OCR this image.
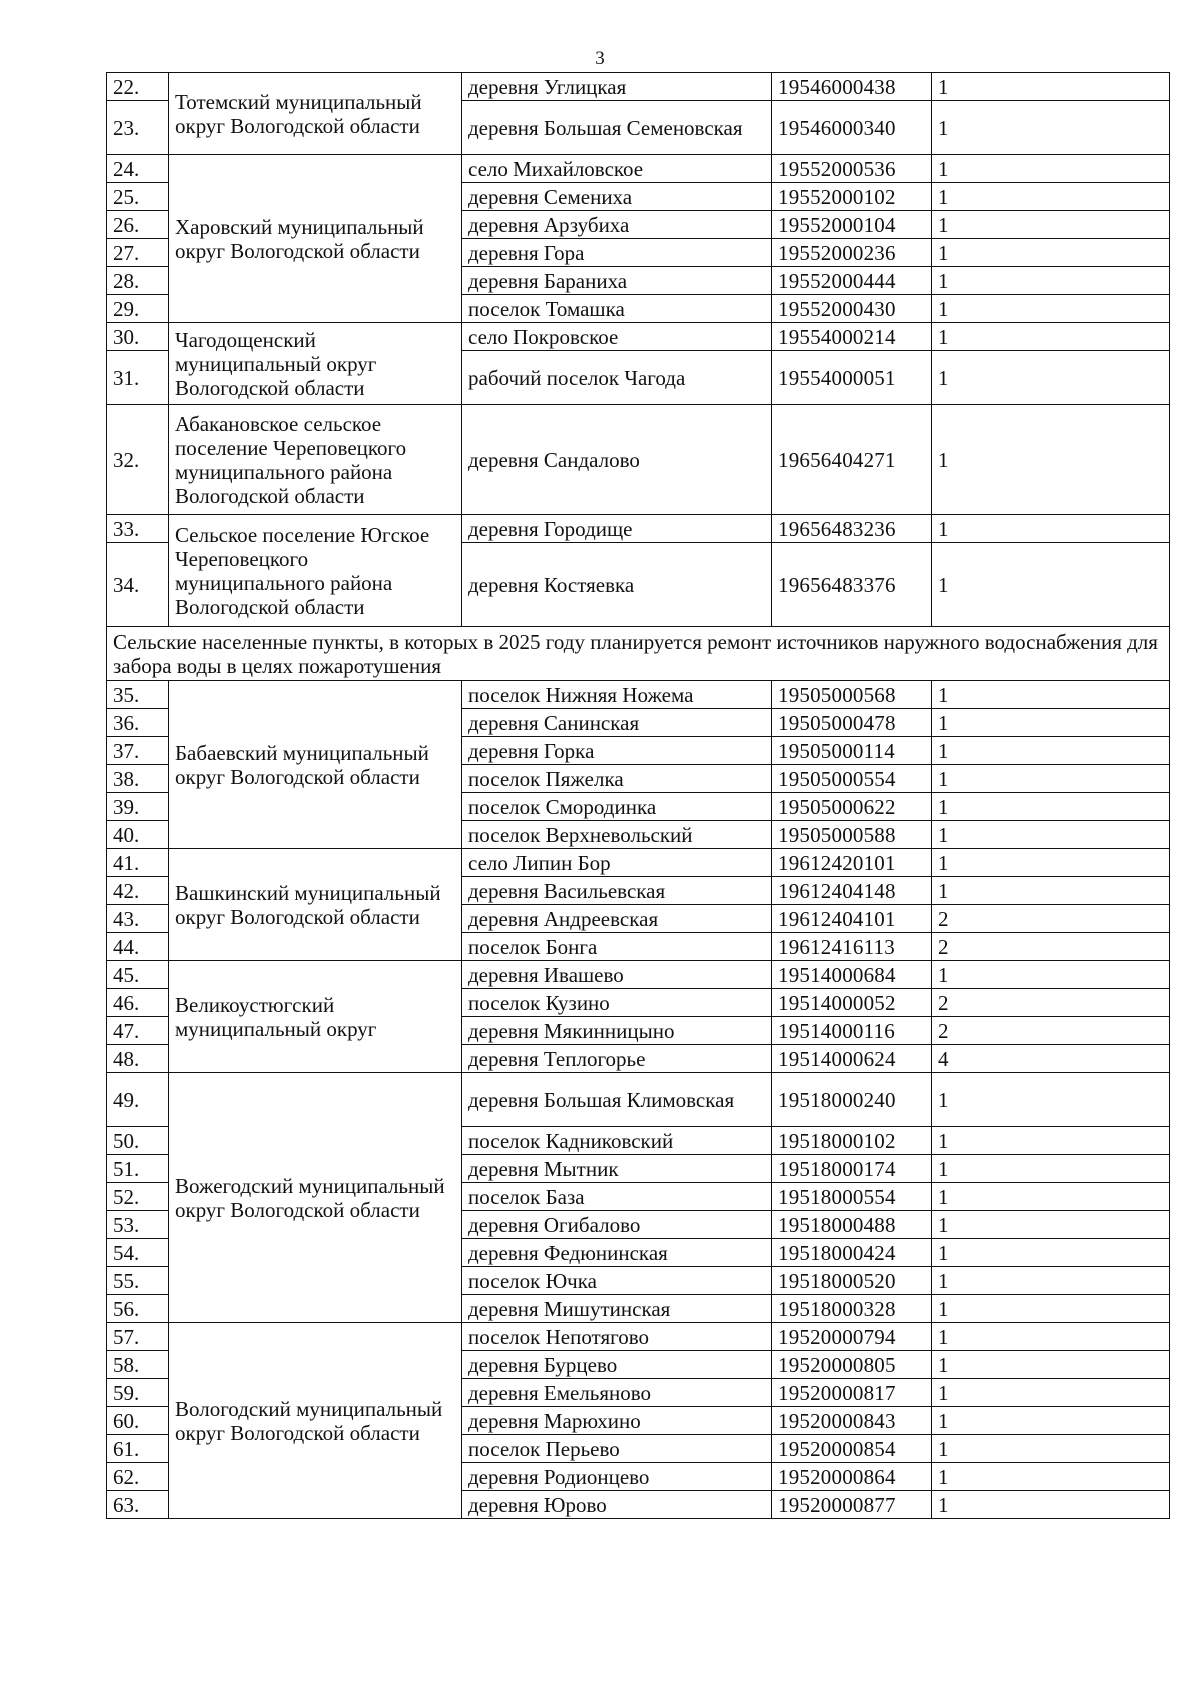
3
22.	Тотемский муниципальный округ Вологодской области	деревня Углицкая	19546000438	1
23.		деревня Большая Семеновская	19546000340	1
24.	Харовский муниципальный округ Вологодской области	село Михайловское	19552000536	1
25.		деревня Семениха	19552000102	1
26.		деревня Арзубиха	19552000104	1
27.		деревня Гора	19552000236	1
28.		деревня Бараниха	19552000444	1
29.		поселок Томашка	19552000430	1
30.	Чагодощенский муниципальный округ Вологодской области	село Покровское	19554000214	1
31.		рабочий поселок Чагода	19554000051	1
32.	Абакановское сельское поселение Череповецкого муниципального района Вологодской области	деревня Сандалово	19656404271	1
33.	Сельское поселение Югское Череповецкого муниципального района Вологодской области	деревня Городище	19656483236	1
34.		деревня Костяевка	19656483376	1
Сельские населенные пункты, в которых в 2025 году планируется ремонт источников наружного водоснабжения для забора воды в целях пожаротушения				
35.	Бабаевский муниципальный округ Вологодской области	поселок Нижняя Ножема	19505000568	1
36.		деревня Санинская	19505000478	1
37.		деревня Горка	19505000114	1
38.		поселок Пяжелка	19505000554	1
39.		поселок Смородинка	19505000622	1
40.		поселок Верхневольский	19505000588	1
41.	Вашкинский муниципальный округ Вологодской области	село Липин Бор	19612420101	1
42.		деревня Васильевская	19612404148	1
43.		деревня Андреевская	19612404101	2
44.		поселок Бонга	19612416113	2
45.	Великоустюгский муниципальный округ	деревня Ивашево	19514000684	1
46.		поселок Кузино	19514000052	2
47.		деревня Мякинницыно	19514000116	2
48.		деревня Теплогорье	19514000624	4
49.	Вожегодский муниципальный округ Вологодской области	деревня Большая Климовская	19518000240	1
50.		поселок Кадниковский	19518000102	1
51.		деревня Мытник	19518000174	1
52.		поселок База	19518000554	1
53.		деревня Огибалово	19518000488	1
54.		деревня Федюнинская	19518000424	1
55.		поселок Ючка	19518000520	1
56.		деревня Мишутинская	19518000328	1
57.	Вологодский муниципальный округ Вологодской области	поселок Непотягово	19520000794	1
58.		деревня Бурцево	19520000805	1
59.		деревня Емельяново	19520000817	1
60.		деревня Марюхино	19520000843	1
61.		поселок Перьево	19520000854	1
62.		деревня Родионцево	19520000864	1
63.		деревня Юрово	19520000877	1
